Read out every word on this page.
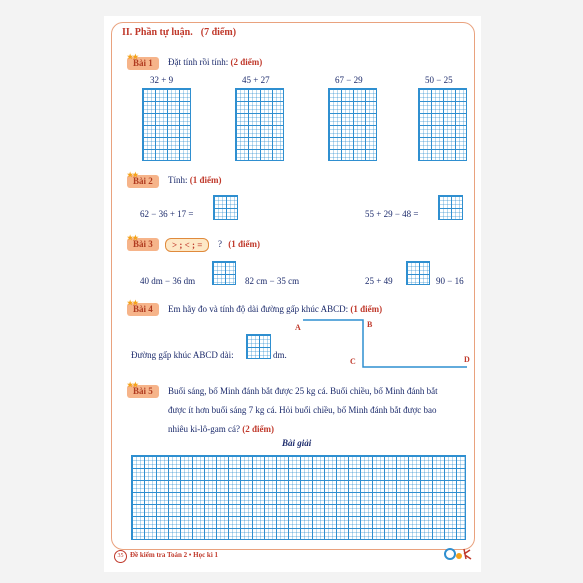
II. Phần tự luận. (7 điểm)
★★
Bài 1	Đặt tính rồi tính: (2 điểm)
32 + 9	45 + 27	67 − 29	50 − 25
★★
Bài 2	Tính: (1 điểm)
62 − 36 + 17 =	55 + 29 − 48 =
★★
Bài 3	> ; < ; =	? (1 điểm)
40 dm − 36 dm	82 cm − 35 cm	25 + 49	90 − 16
★★
Bài 4	Em hãy đo và tính độ dài đường gấp khúc ABCD: (1 điểm)
Đường gấp khúc ABCD dài:	dm.
A	B
C	D
★★
Bài 5	Buổi sáng, bố Minh đánh bắt được 25 kg cá. Buổi chiều, bố Minh đánh bắt
được ít hơn buổi sáng 7 kg cá. Hỏi buổi chiều, bố Minh đánh bắt được bao
nhiêu ki-lô-gam cá? (2 điểm)
Bài giải
35 Đề kiểm tra Toán 2 • Học kì 1
